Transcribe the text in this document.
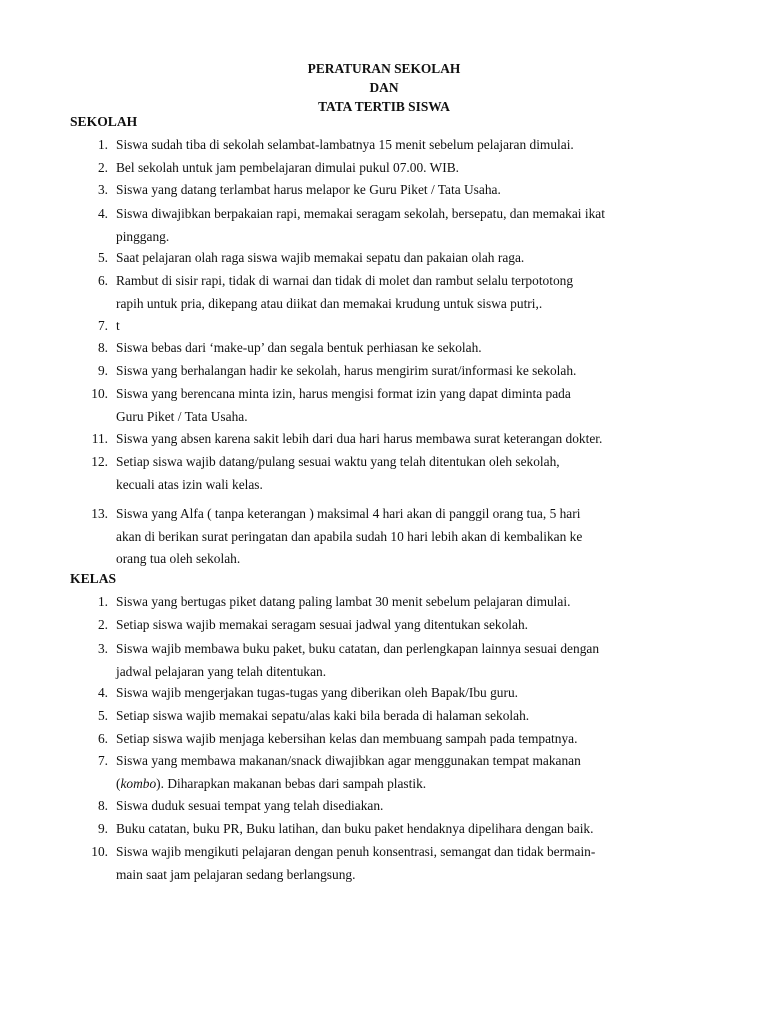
PERATURAN SEKOLAH
DAN
TATA TERTIB SISWA
SEKOLAH
1. Siswa sudah tiba di sekolah selambat-lambatnya 15 menit sebelum pelajaran dimulai.
2. Bel sekolah untuk jam pembelajaran dimulai pukul 07.00. WIB.
3. Siswa yang datang terlambat harus melapor ke Guru Piket / Tata Usaha.
4. Siswa diwajibkan berpakaian rapi, memakai seragam sekolah, bersepatu, dan memakai ikat
pinggang.
5. Saat pelajaran olah raga siswa wajib memakai sepatu dan pakaian olah raga.
6. Rambut di sisir rapi, tidak di warnai dan tidak di molet dan rambut selalu terpototong
rapih untuk pria, dikepang atau diikat dan memakai krudung untuk siswa putri,.
7. t
8. Siswa bebas dari ‘make-up’ dan segala bentuk perhiasan ke sekolah.
9. Siswa yang berhalangan hadir ke sekolah, harus mengirim surat/informasi ke sekolah.
10. Siswa yang berencana minta izin, harus mengisi format izin yang dapat diminta pada
Guru Piket / Tata Usaha.
11. Siswa yang absen karena sakit lebih dari dua hari harus membawa surat keterangan dokter.
12. Setiap siswa wajib datang/pulang sesuai waktu yang telah ditentukan oleh sekolah,
kecuali atas izin wali kelas.
13. Siswa yang Alfa ( tanpa keterangan ) maksimal 4 hari akan di panggil orang tua, 5 hari
akan di berikan surat peringatan dan apabila sudah 10 hari lebih akan di kembalikan ke
orang tua oleh sekolah.
KELAS
1. Siswa yang bertugas piket datang paling lambat 30 menit sebelum pelajaran dimulai.
2. Setiap siswa wajib memakai seragam sesuai jadwal yang ditentukan sekolah.
3. Siswa wajib membawa buku paket, buku catatan, dan perlengkapan lainnya sesuai dengan
jadwal pelajaran yang telah ditentukan.
4. Siswa wajib mengerjakan tugas-tugas yang diberikan oleh Bapak/Ibu guru.
5. Setiap siswa wajib memakai sepatu/alas kaki bila berada di halaman sekolah.
6. Setiap siswa wajib menjaga kebersihan kelas dan membuang sampah pada tempatnya.
7. Siswa yang membawa makanan/snack diwajibkan agar menggunakan tempat makanan
(kombo). Diharapkan makanan bebas dari sampah plastik.
8. Siswa duduk sesuai tempat yang telah disediakan.
9. Buku catatan, buku PR, Buku latihan, dan buku paket hendaknya dipelihara dengan baik.
10. Siswa wajib mengikuti pelajaran dengan penuh konsentrasi, semangat dan tidak bermain-
main saat jam pelajaran sedang berlangsung.
